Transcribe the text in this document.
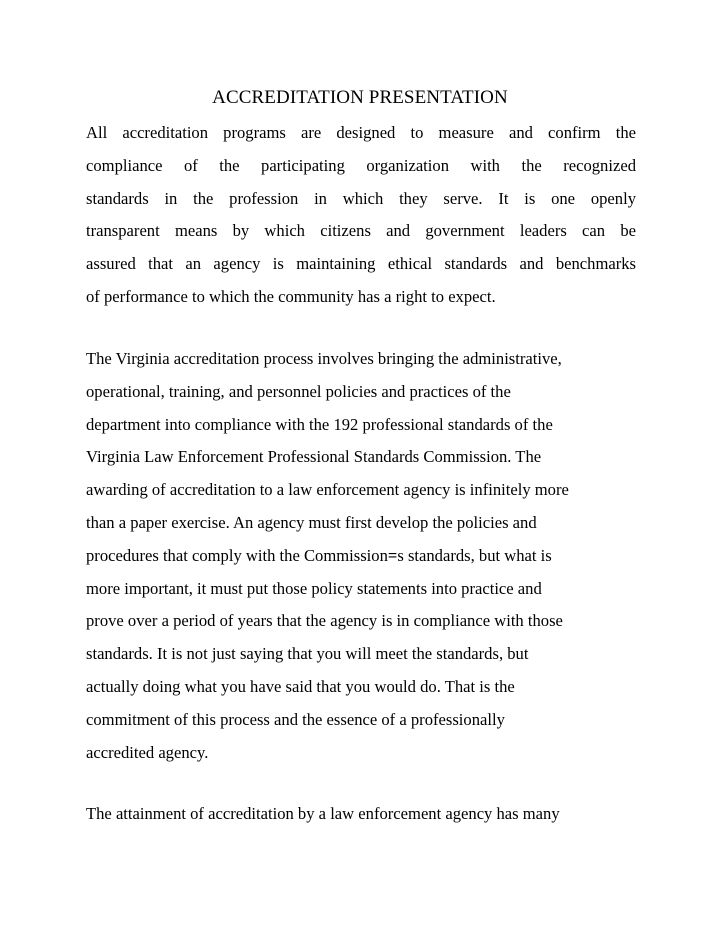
ACCREDITATION PRESENTATION
All accreditation programs are designed to measure and confirm the
compliance of the participating organization with the recognized
standards in the profession in which they serve. It is one openly
transparent means by which citizens and government leaders can be
assured that an agency is maintaining ethical standards and benchmarks
of performance to which the community has a right to expect.
The Virginia accreditation process involves bringing the administrative,
operational, training, and personnel policies and practices of the
department into compliance with the 192 professional standards of the
Virginia Law Enforcement Professional Standards Commission. The
awarding of accreditation to a law enforcement agency is infinitely more
than a paper exercise. An agency must first develop the policies and
procedures that comply with the Commission=s standards, but what is
more important, it must put those policy statements into practice and
prove over a period of years that the agency is in compliance with those
standards. It is not just saying that you will meet the standards, but
actually doing what you have said that you would do. That is the
commitment of this process and the essence of a professionally
accredited agency.
The attainment of accreditation by a law enforcement agency has many
